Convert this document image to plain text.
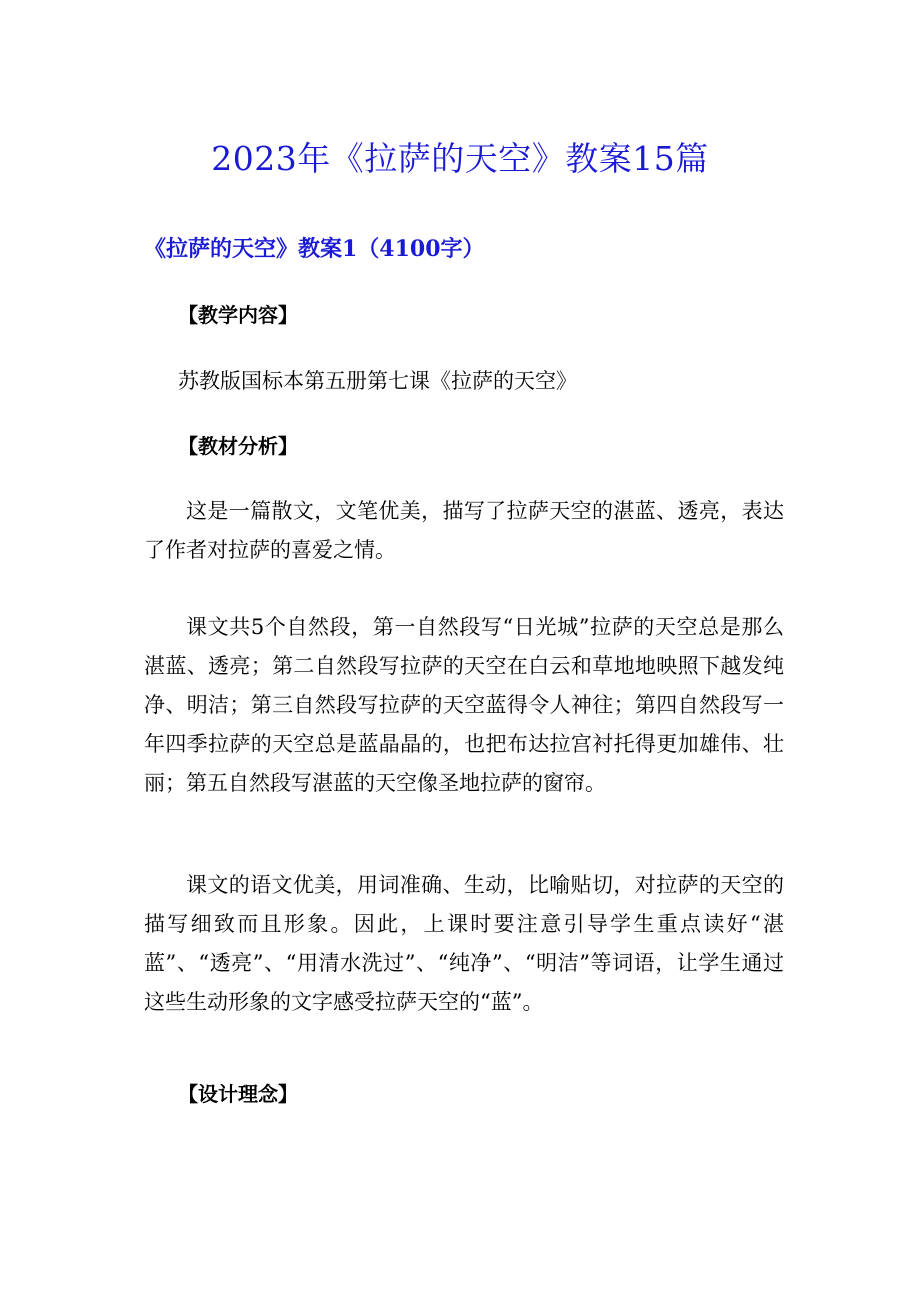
2023年《拉萨的天空》教案15篇
《拉萨的天空》教案1（4100字）
【教学内容】

苏教版国标本第五册第七课《拉萨的天空》

【教材分析】

这是一篇散文，文笔优美，描写了拉萨天空的湛蓝、透亮，表达了作者对拉萨的喜爱之情。

课文共5个自然段，第一自然段写“日光城”拉萨的天空总是那么湛蓝、透亮；第二自然段写拉萨的天空在白云和草地地映照下越发纯净、明洁；第三自然段写拉萨的天空蓝得令人神往；第四自然段写一年四季拉萨的天空总是蓝晶晶的，也把布达拉宫衬托得更加雄伟、壮丽；第五自然段写湛蓝的天空像圣地拉萨的窗帘。

课文的语文优美，用词准确、生动，比喻贴切，对拉萨的天空的描写细致而且形象。因此，上课时要注意引导学生重点读好“湛蓝”、“透亮”、“用清水洗过”、“纯净”、“明洁”等词语，让学生通过这些生动形象的文字感受拉萨天空的“蓝”。

【设计理念】
